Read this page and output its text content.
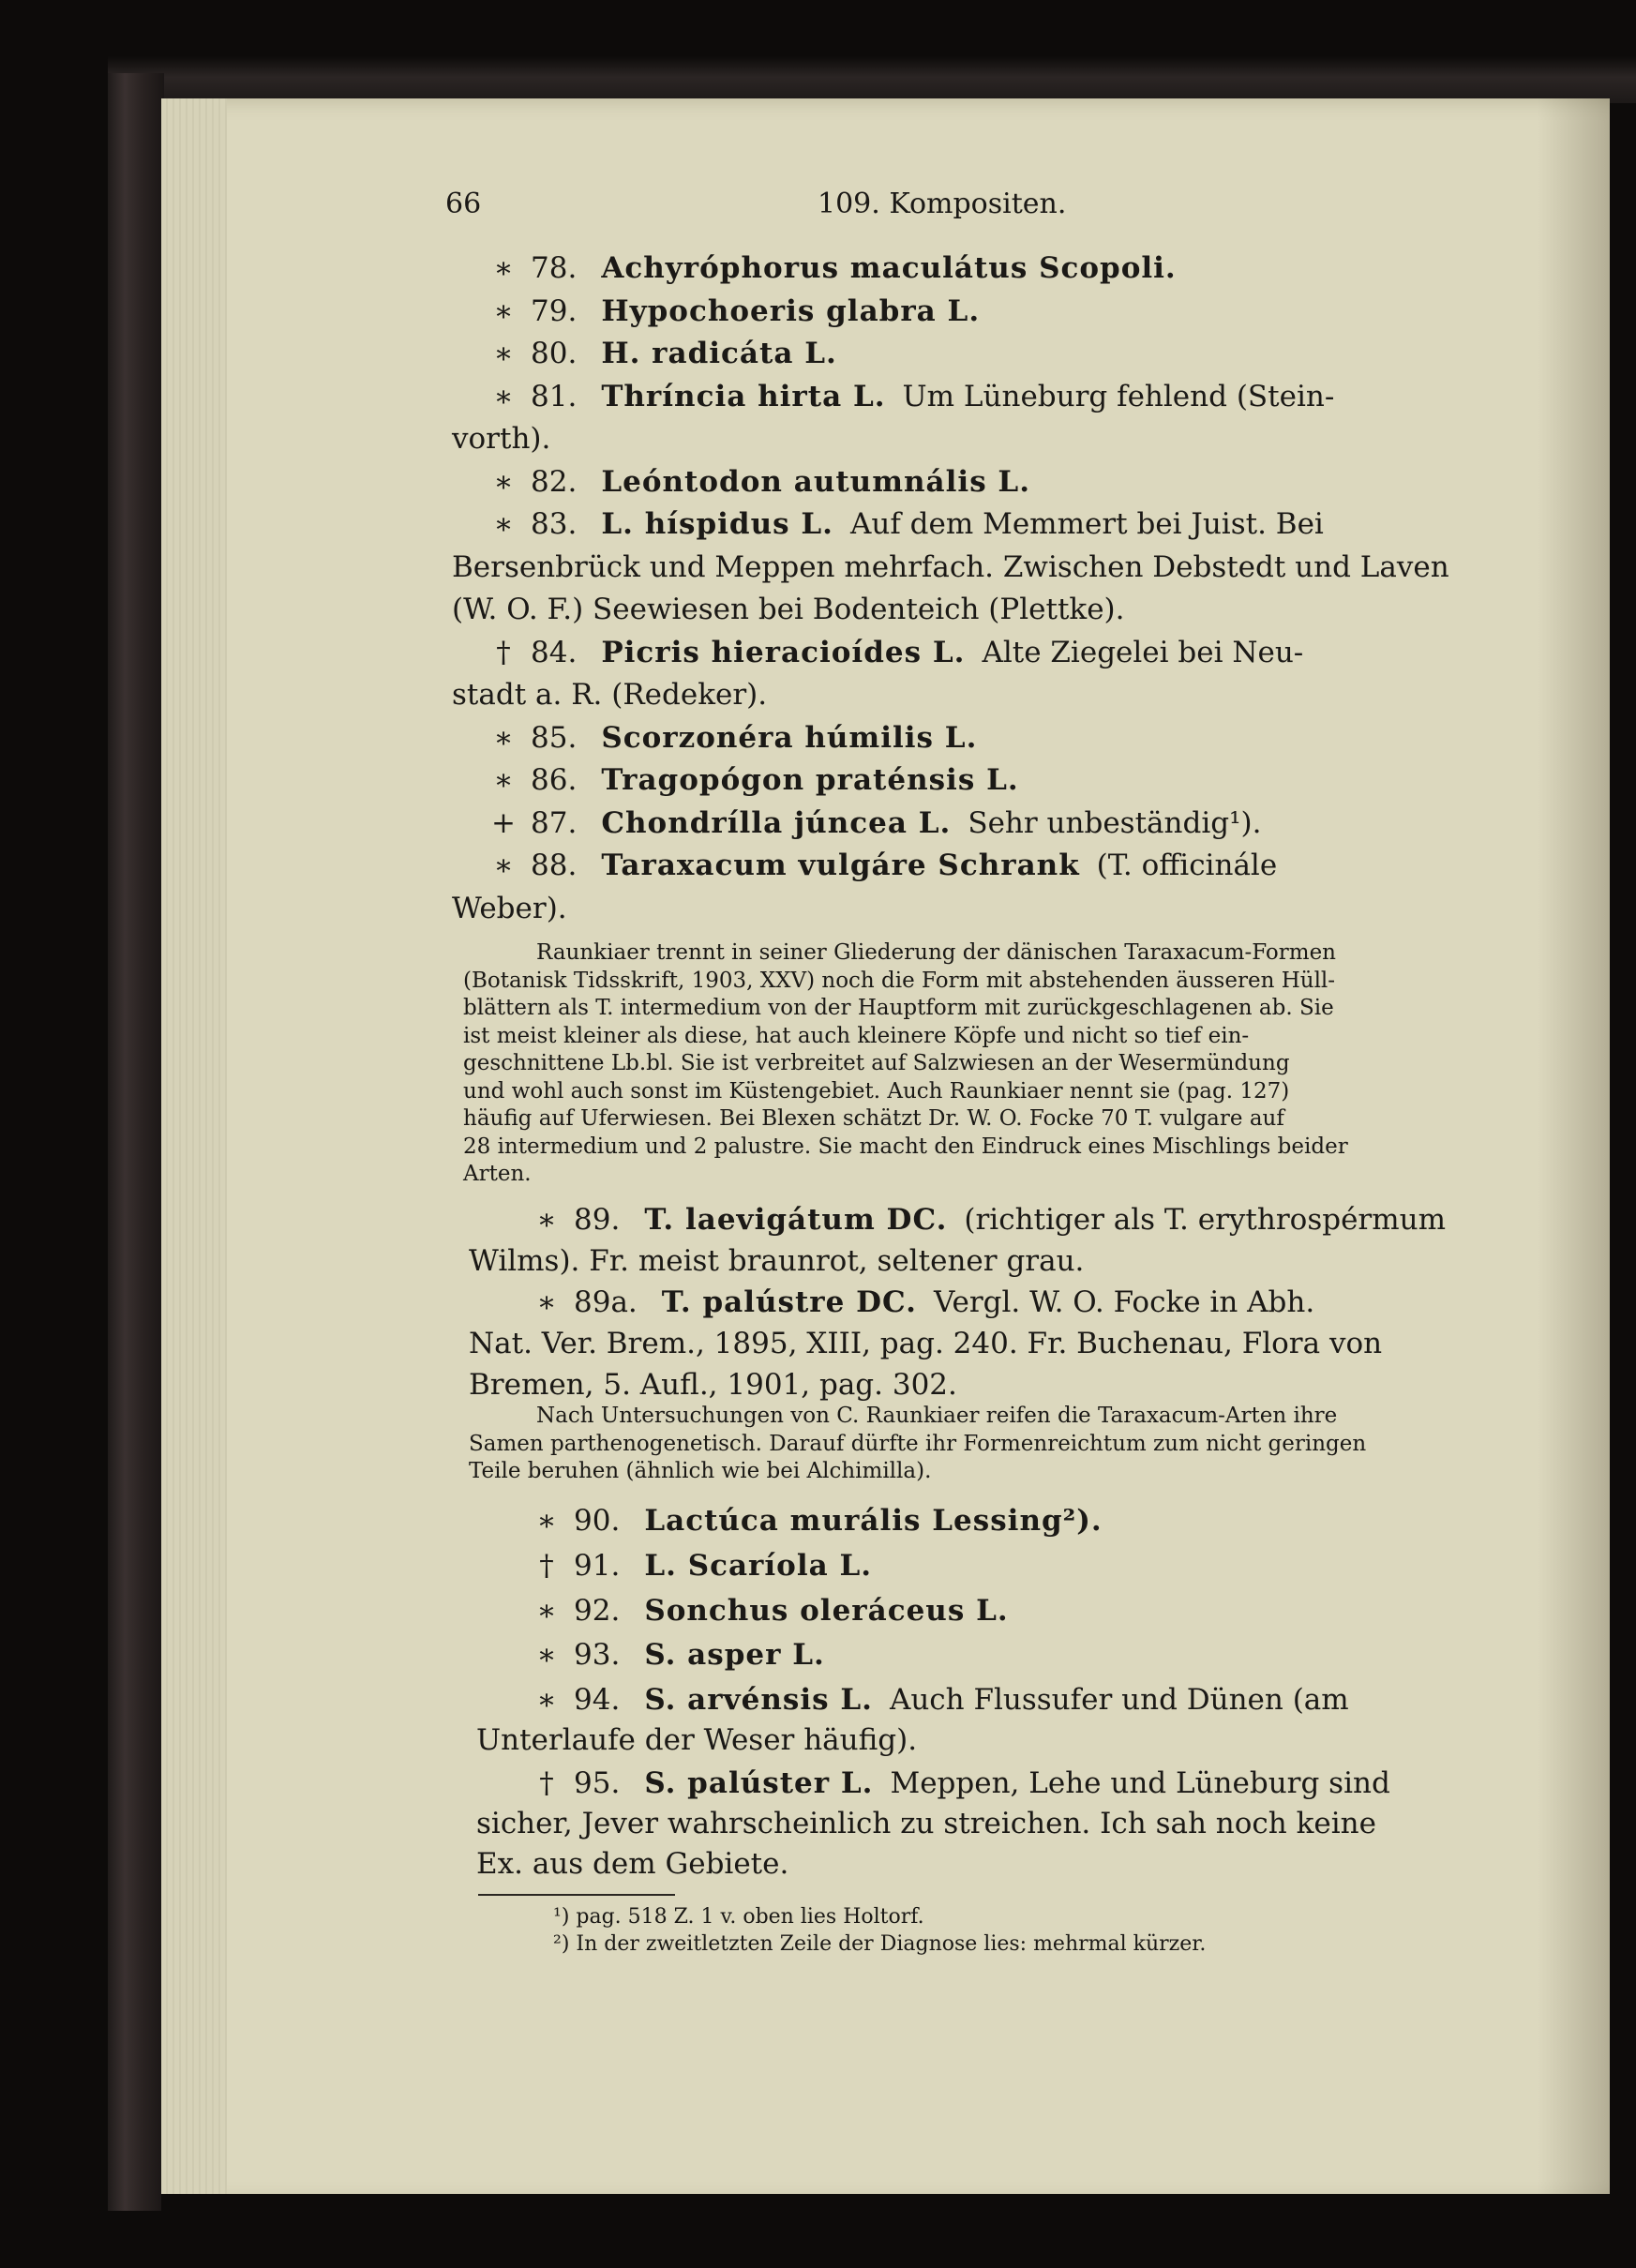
66	109. Kompositen.
∗ 78. Achyróphorus maculátus Scopoli.
∗ 79. Hypochoeris glabra L.
∗ 80. H. radicáta L.
∗ 81. Thríncia hirta L. Um Lüneburg fehlend (Stein-
vorth).
∗ 82. Leóntodon autumnális L.
∗ 83. L. híspidus L. Auf dem Memmert bei Juist. Bei
Bersenbrück und Meppen mehrfach. Zwischen Debstedt und Laven
(W. O. F.) Seewiesen bei Bodenteich (Plettke).
† 84. Picris hieracioídes L. Alte Ziegelei bei Neu-
stadt a. R. (Redeker).
∗ 85. Scorzonéra húmilis L.
∗ 86. Tragopógon praténsis L.
+ 87. Chondrílla júncea L. Sehr unbeständig¹).
∗ 88. Taraxacum vulgáre Schrank (T. officinále
Weber).
Raunkiaer trennt in seiner Gliederung der dänischen Taraxacum-Formen
(Botanisk Tidsskrift, 1903, XXV) noch die Form mit abstehenden äusseren Hüll-
blättern als T. intermedium von der Hauptform mit zurückgeschlagenen ab. Sie
ist meist kleiner als diese, hat auch kleinere Köpfe und nicht so tief ein-
geschnittene Lb.bl. Sie ist verbreitet auf Salzwiesen an der Wesermündung
und wohl auch sonst im Küstengebiet. Auch Raunkiaer nennt sie (pag. 127)
häufig auf Uferwiesen. Bei Blexen schätzt Dr. W. O. Focke 70 T. vulgare auf
28 intermedium und 2 palustre. Sie macht den Eindruck eines Mischlings beider
Arten.
∗ 89. T. laevigátum DC. (richtiger als T. erythrospérmum
Wilms). Fr. meist braunrot, seltener grau.
∗ 89a. T. palústre DC. Vergl. W. O. Focke in Abh.
Nat. Ver. Brem., 1895, XIII, pag. 240. Fr. Buchenau, Flora von
Bremen, 5. Aufl., 1901, pag. 302.
Nach Untersuchungen von C. Raunkiaer reifen die Taraxacum-Arten ihre
Samen parthenogenetisch. Darauf dürfte ihr Formenreichtum zum nicht geringen
Teile beruhen (ähnlich wie bei Alchimilla).
∗ 90. Lactúca murális Lessing²).
† 91. L. Scaríola L.
∗ 92. Sonchus oleráceus L.
∗ 93. S. asper L.
∗ 94. S. arvénsis L. Auch Flussufer und Dünen (am
Unterlaufe der Weser häufig).
† 95. S. palúster L. Meppen, Lehe und Lüneburg sind
sicher, Jever wahrscheinlich zu streichen. Ich sah noch keine
Ex. aus dem Gebiete.
¹) pag. 518 Z. 1 v. oben lies Holtorf.
²) In der zweitletzten Zeile der Diagnose lies: mehrmal kürzer.
